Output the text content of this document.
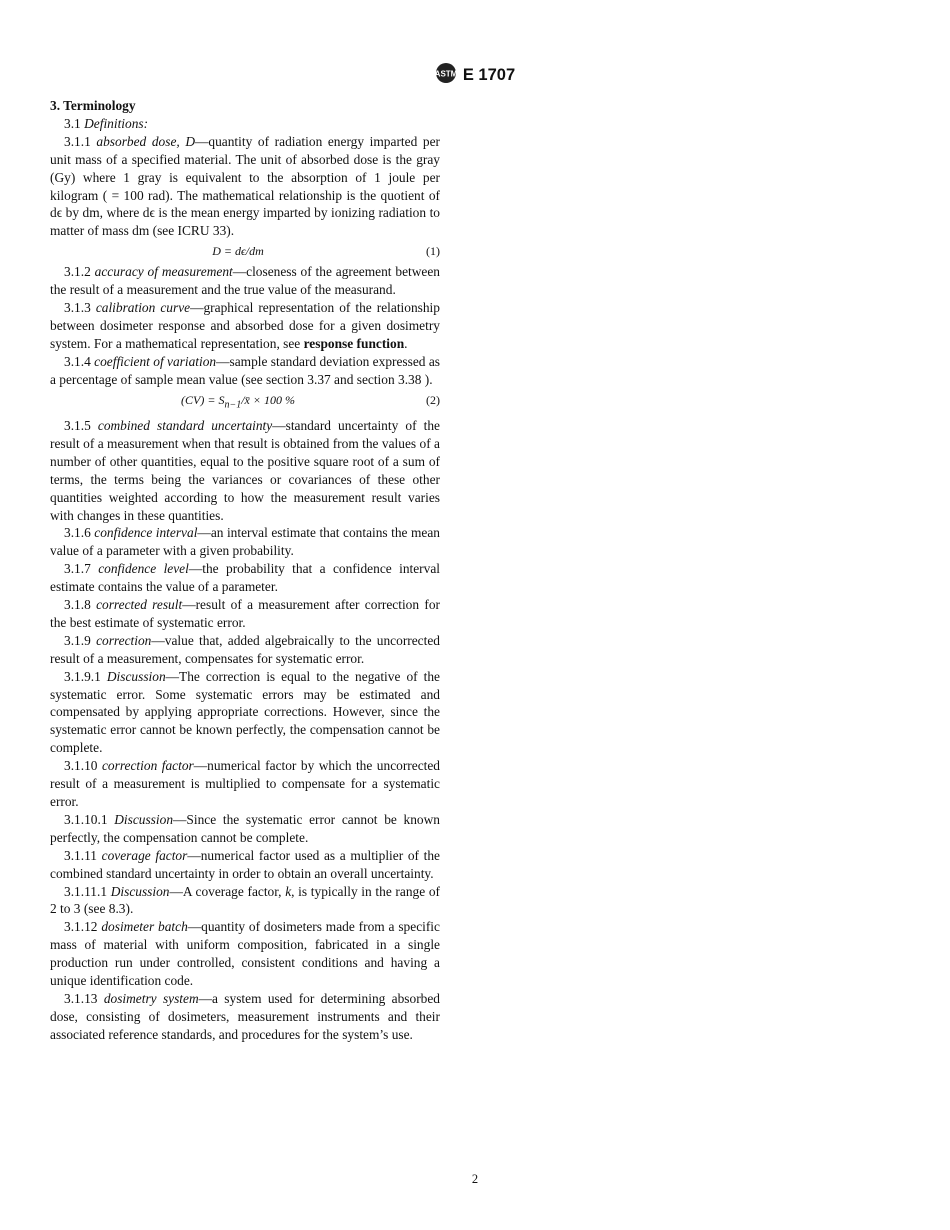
ASTM E 1707
3. Terminology

3.1 Definitions:

3.1.1 absorbed dose, D—quantity of radiation energy imparted per unit mass of a specified material. The unit of absorbed dose is the gray (Gy) where 1 gray is equivalent to the absorption of 1 joule per kilogram ( = 100 rad). The mathematical relationship is the quotient of dϵ by dm, where dϵ is the mean energy imparted by ionizing radiation to matter of mass dm (see ICRU 33).

D = dϵ/dm	(1)

3.1.2 accuracy of measurement—closeness of the agreement between the result of a measurement and the true value of the measurand.

3.1.3 calibration curve—graphical representation of the relationship between dosimeter response and absorbed dose for a given dosimetry system. For a mathematical representation, see response function.

3.1.4 coefficient of variation—sample standard deviation expressed as a percentage of sample mean value (see section 3.37 and section 3.38 ).

$(CV) = S_{n-1}/x̄ \times 100$ %	(2)

3.1.5 combined standard uncertainty—standard uncertainty of the result of a measurement when that result is obtained from the values of a number of other quantities, equal to the positive square root of a sum of terms, the terms being the variances or covariances of these other quantities weighted according to how the measurement result varies with changes in these quantities.

3.1.6 confidence interval—an interval estimate that contains the mean value of a parameter with a given probability.

3.1.7 confidence level—the probability that a confidence interval estimate contains the value of a parameter.

3.1.8 corrected result—result of a measurement after correction for the best estimate of systematic error.

3.1.9 correction—value that, added algebraically to the uncorrected result of a measurement, compensates for systematic error.

3.1.9.1 Discussion—The correction is equal to the negative of the systematic error. Some systematic errors may be estimated and compensated by applying appropriate corrections. However, since the systematic error cannot be known perfectly, the compensation cannot be complete.

3.1.10 correction factor—numerical factor by which the uncorrected result of a measurement is multiplied to compensate for a systematic error.

3.1.10.1 Discussion—Since the systematic error cannot be known perfectly, the compensation cannot be complete.

3.1.11 coverage factor—numerical factor used as a multiplier of the combined standard uncertainty in order to obtain an overall uncertainty.

3.1.11.1 Discussion—A coverage factor, k, is typically in the range of 2 to 3 (see 8.3).

3.1.12 dosimeter batch—quantity of dosimeters made from a specific mass of material with uniform composition, fabricated in a single production run under controlled, consistent conditions and having a unique identification code.

3.1.13 dosimetry system—a system used for determining absorbed dose, consisting of dosimeters, measurement instruments and their associated reference standards, and procedures for the system’s use.

2
